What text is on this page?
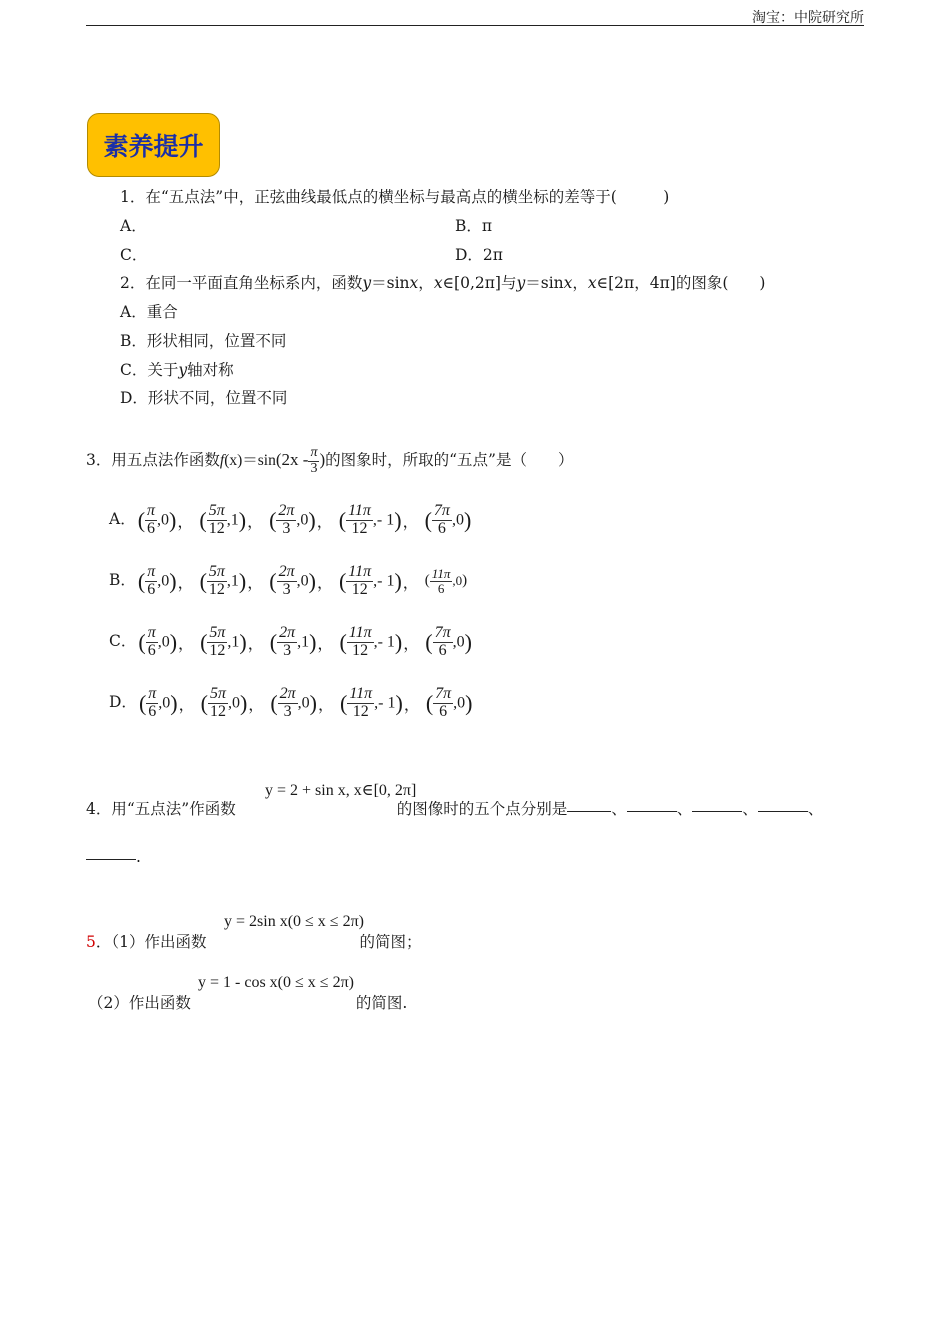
淘宝：中院研究所
素养提升
1．在“五点法”中，正弦曲线最低点的横坐标与最高点的横坐标的差等于(　　　)
A．	B．π
C．	D．2π
2．在同一平面直角坐标系内，函数y＝sinx，x∈[0,2π]与y＝sinx，x∈[2π，4π]的图象(　　)
A．重合
B．形状相同，位置不同
C．关于y轴对称
D．形状不同，位置不同
3．用五点法作函数$f(x)=\sin(2x - \frac{\pi}{3}$ )的图象时，所取的“五点”是（　　）
A．( $\frac{\pi}{6} ,0$)， ( $\frac{5\pi}{12} ,1$)， ( $\frac{2\pi}{3} ,0$)， ( $\frac{11\pi}{12}$ ,- 1)， ( $\frac{7\pi}{6} ,0$)
B．( $\frac{\pi}{6} ,0$)， ( $\frac{5\pi}{12} ,1$)， ( $\frac{2\pi}{3} ,0$)， ( $\frac{11\pi}{12}$ ,- 1)， ( $\frac{11\pi}{6} ,0$)
C．( $\frac{\pi}{6} ,0$)， ( $\frac{5\pi}{12} ,1$)， ( $\frac{2\pi}{3} ,1$)， ( $\frac{11\pi}{12}$ ,- 1)， ( $\frac{7\pi}{6} ,0$)
D．( $\frac{\pi}{6} ,0$)， ( $\frac{5\pi}{12} ,0$)， ( $\frac{2\pi}{3} ,0$)， ( $\frac{11\pi}{12}$ ,- 1)， ( $\frac{7\pi}{6} ,0$)
y = 2 + sin x, x∈[0, 2π]
4．用“五点法”作函数	的图像时的五个点分别是	、	、	、	、
.
y = 2sin x(0 ≤ x ≤ 2π)
5．（1）作出函数	的简图；
y = 1 - cos x(0 ≤ x ≤ 2π)
（2）作出函数	的简图.
